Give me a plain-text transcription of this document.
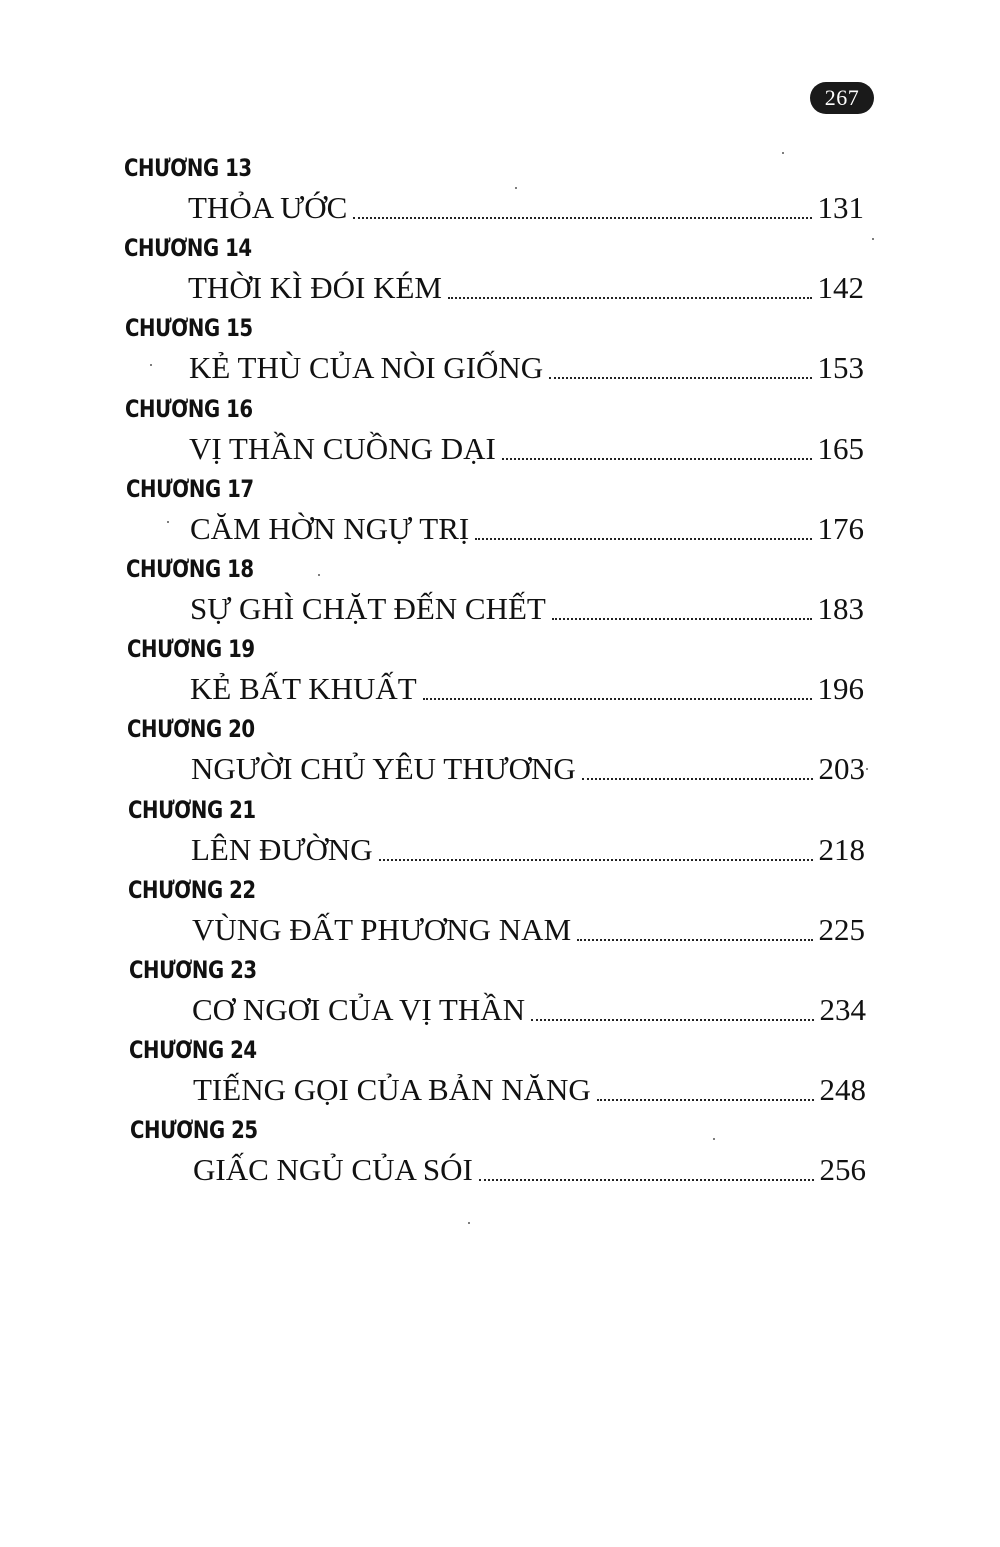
267
CHƯƠNG 13
THỎA ƯỚC	131
CHƯƠNG 14
THỜI KÌ ĐÓI KÉM	142
CHƯƠNG 15
KẺ THÙ CỦA NÒI GIỐNG	153
CHƯƠNG 16
VỊ THẦN CUỒNG DẠI	165
CHƯƠNG 17
CĂM HỜN NGỰ TRỊ	176
CHƯƠNG 18
SỰ GHÌ CHẶT ĐẾN CHẾT	183
CHƯƠNG 19
KẺ BẤT KHUẤT	196
CHƯƠNG 20
NGƯỜI CHỦ YÊU THƯƠNG	203
CHƯƠNG 21
LÊN ĐƯỜNG	218
CHƯƠNG 22
VÙNG ĐẤT PHƯƠNG NAM	225
CHƯƠNG 23
CƠ NGƠI CỦA VỊ THẦN	234
CHƯƠNG 24
TIẾNG GỌI CỦA BẢN NĂNG	248
CHƯƠNG 25
GIẤC NGỦ CỦA SÓI	256
